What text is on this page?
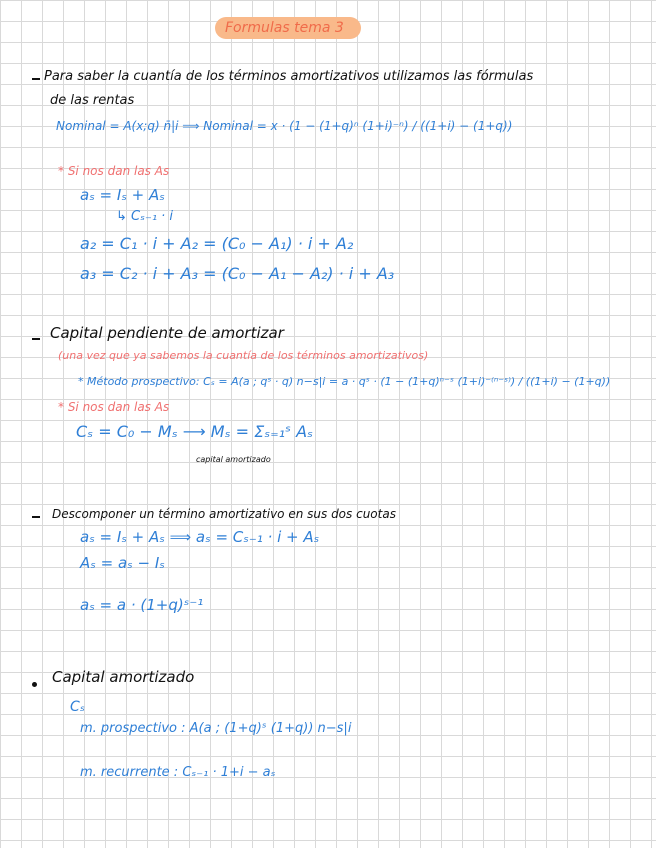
Formulas tema 3
Para saber la cuantía de los términos amortizativos utilizamos las fórmulas
de las rentas
Nominal = A(x;q) n̄|i ⟹ Nominal = x · (1 − (1+q)ⁿ (1+i)⁻ⁿ) / ((1+i) − (1+q))
* Si nos dan las As
aₛ = Iₛ + Aₛ
↳ Cₛ₋₁ · i
a₂ = C₁ · i + A₂ = (C₀ − A₁) · i + A₂
a₃ = C₂ · i + A₃ = (C₀ − A₁ − A₂) · i + A₃
Capital pendiente de amortizar
(una vez que ya sabemos la cuantía de los términos amortizativos)
* Método prospectivo: Cₛ = A(a ; qˢ · q) n−s|i = a · qˢ · (1 − (1+q)ⁿ⁻ˢ (1+i)⁻⁽ⁿ⁻ˢ⁾) / ((1+i) − (1+q))
* Si nos dan las As
Cₛ = C₀ − Mₛ ⟶ Mₛ = Σₛ₌₁ˢ Aₛ
capital amortizado
Descomponer un término amortizativo en sus dos cuotas
aₛ = Iₛ + Aₛ ⟹ aₛ = Cₛ₋₁ · i + Aₛ
Aₛ = aₛ − Iₛ
aₛ = a · (1+q)ˢ⁻¹
Capital amortizado
Cₛ
m. prospectivo : A(a ; (1+q)ˢ (1+q)) n−s|i
m. recurrente : Cₛ₋₁ · 1+i − aₛ
